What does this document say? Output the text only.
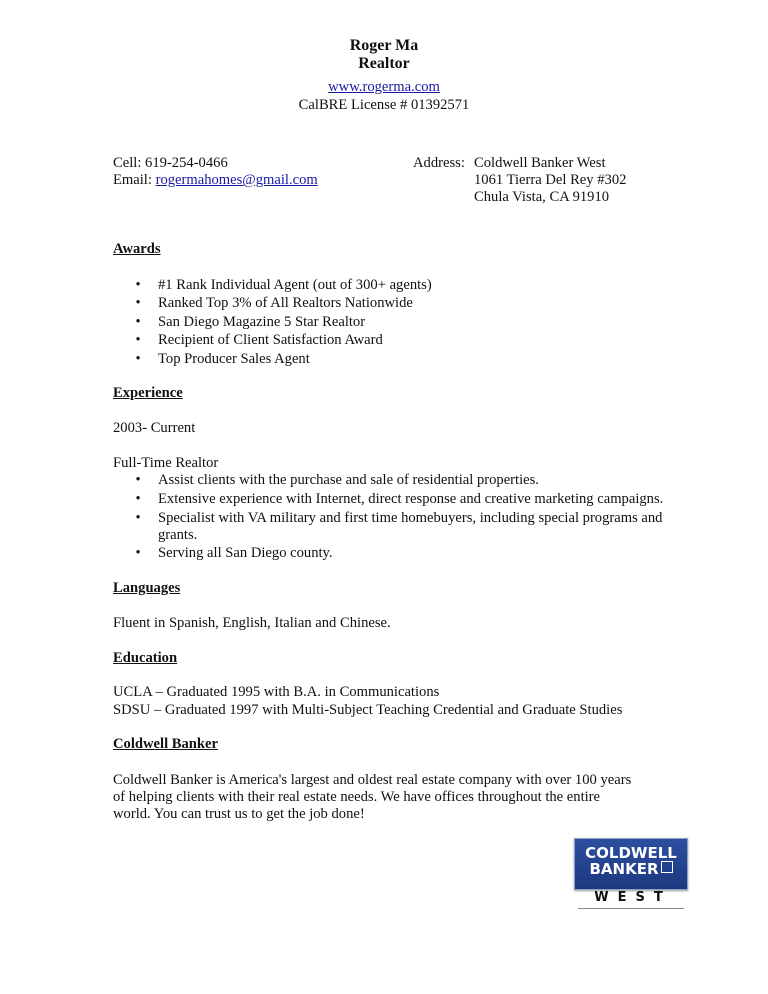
Roger Ma
Realtor
www.rogerma.com
CalBRE License # 01392571
Cell: 619-254-0466
Email: rogermahomes@gmail.com
Address: Coldwell Banker West
1061 Tierra Del Rey #302
Chula Vista, CA 91910
Awards
• #1 Rank Individual Agent (out of 300+ agents)
• Ranked Top 3% of All Realtors Nationwide
• San Diego Magazine 5 Star Realtor
• Recipient of Client Satisfaction Award
• Top Producer Sales Agent
Experience
2003- Current
Full-Time Realtor
• Assist clients with the purchase and sale of residential properties.
• Extensive experience with Internet, direct response and creative marketing campaigns.
• Specialist with VA military and first time homebuyers, including special programs and
grants.
• Serving all San Diego county.
Languages
Fluent in Spanish, English, Italian and Chinese.
Education
UCLA – Graduated 1995 with B.A. in Communications
SDSU – Graduated 1997 with Multi-Subject Teaching Credential and Graduate Studies
Coldwell Banker
Coldwell Banker is America's largest and oldest real estate company with over 100 years
of helping clients with their real estate needs. We have offices throughout the entire
world. You can trust us to get the job done!
COLDWELL
BANKER
WEST
